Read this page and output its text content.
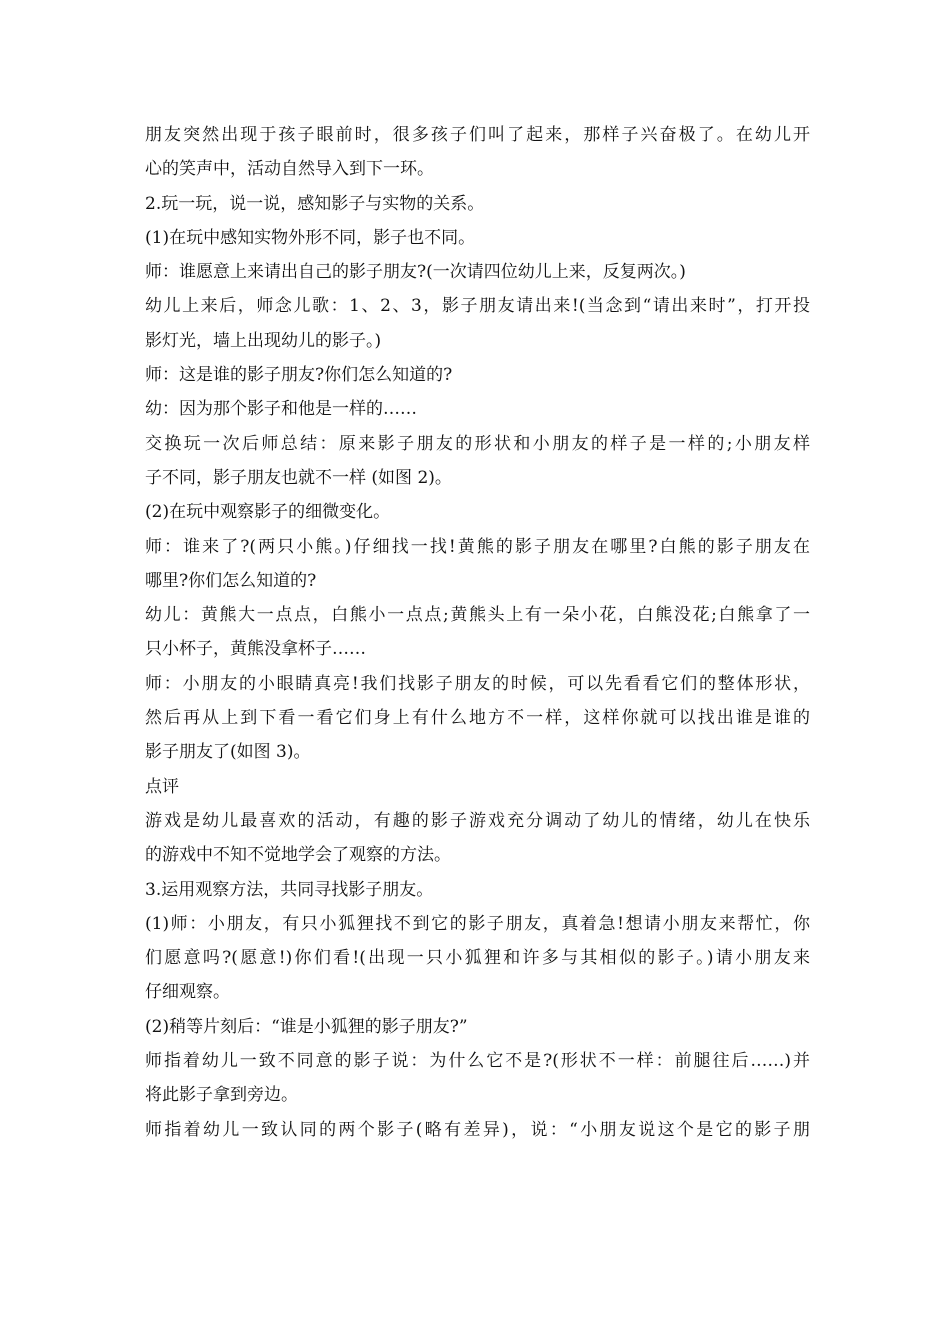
朋友突然出现于孩子眼前时，很多孩子们叫了起来，那样子兴奋极了。在幼儿开
心的笑声中，活动自然导入到下一环。
2.玩一玩，说一说，感知影子与实物的关系。
(1)在玩中感知实物外形不同，影子也不同。
师：谁愿意上来请出自己的影子朋友?(一次请四位幼儿上来，反复两次。)
幼儿上来后，师念儿歌：1、2、3，影子朋友请出来!(当念到“请出来时”，打开投
影灯光，墙上出现幼儿的影子。)
师：这是谁的影子朋友?你们怎么知道的?
幼：因为那个影子和他是一样的……
交换玩一次后师总结：原来影子朋友的形状和小朋友的样子是一样的;小朋友样
子不同，影子朋友也就不一样 (如图 2)。
(2)在玩中观察影子的细微变化。
师：谁来了?(两只小熊。)仔细找一找!黄熊的影子朋友在哪里?白熊的影子朋友在
哪里?你们怎么知道的?
幼儿：黄熊大一点点，白熊小一点点;黄熊头上有一朵小花，白熊没花;白熊拿了一
只小杯子，黄熊没拿杯子……
师：小朋友的小眼睛真亮!我们找影子朋友的时候，可以先看看它们的整体形状，
然后再从上到下看一看它们身上有什么地方不一样，这样你就可以找出谁是谁的
影子朋友了(如图 3)。
点评
游戏是幼儿最喜欢的活动，有趣的影子游戏充分调动了幼儿的情绪，幼儿在快乐
的游戏中不知不觉地学会了观察的方法。
3.运用观察方法，共同寻找影子朋友。
(1)师：小朋友，有只小狐狸找不到它的影子朋友，真着急!想请小朋友来帮忙，你
们愿意吗?(愿意!)你们看!(出现一只小狐狸和许多与其相似的影子。)请小朋友来
仔细观察。
(2)稍等片刻后：“谁是小狐狸的影子朋友?”
师指着幼儿一致不同意的影子说：为什么它不是?(形状不一样：前腿往后……)并
将此影子拿到旁边。
师指着幼儿一致认同的两个影子(略有差异)，说：“小朋友说这个是它的影子朋
